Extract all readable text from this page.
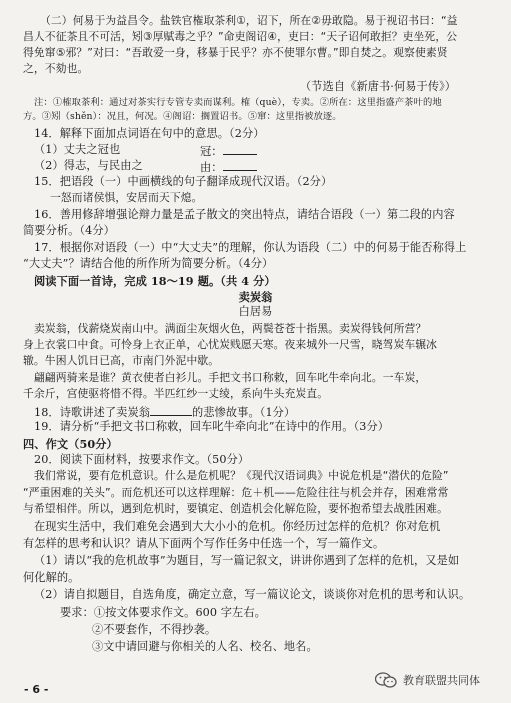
（二）何易于为益昌令。盐铁官権取茶利①，诏下，所在②毋敢隐。易于视诏书曰：“益
昌人不征茶且不可活，矧③厚赋毒之乎？”命吏阁诏④，吏曰：“天子诏何敢拒？吏坐死，公
得免窜⑤邪？”对曰：“吾敢爱一身，移暴于民乎？亦不使罪尔曹。”即自焚之。观察使素贤
之，不劾也。
（节选自《新唐书·何易于传》）
注：①榷取茶利：通过对茶实行专管专卖而谋利。榷（què），专卖。②所在：这里指盛产茶叶的地
方。③矧（shěn）：况且，何况。④阁诏：搁置诏书。⑤窜：这里指被放逐。
14．解释下面加点词语在句中的意思。（2分）
（1）丈夫之冠也	冠：
（2）得志，与民由之	由：
15．把语段（一）中画横线的句子翻译成现代汉语。（2分）
一怒而诸侯惧，安居而天下熄。
16．善用修辞增强论辩力量是孟子散文的突出特点，请结合语段（一）第二段的内容
简要分析。（4分）
17．根据你对语段（一）中“大丈夫”的理解，你认为语段（二）中的何易于能否称得上
“大丈夫”？请结合他的所作所为简要分析。（4分）
阅读下面一首诗，完成 18～19 题。（共 4 分）
卖炭翁
白居易
卖炭翁，伐薪烧炭南山中。满面尘灰烟火色，两鬓苍苍十指黑。卖炭得钱何所营？
身上衣裳口中食。可怜身上衣正单，心忧炭贱愿天寒。夜来城外一尺雪，晓驾炭车辗冰
辙。牛困人饥日已高，市南门外泥中歇。
翩翩两骑来是谁？黄衣使者白衫儿。手把文书口称敕，回车叱牛牵向北。一车炭，
千余斤，宫使驱将惜不得。半匹红纱一丈绫，系向牛头充炭直。
18．诗歌讲述了卖炭翁	的悲惨故事。（1分）
19．请分析“手把文书口称敕，回车叱牛牵向北”在诗中的作用。（3分）
四、作文（50分）
20．阅读下面材料，按要求作文。（50分）
我们常说，要有危机意识。什么是危机呢？《现代汉语词典》中说危机是“潜伏的危险”
“严重困难的关头”。而危机还可以这样理解：危＋机——危险往往与机会并存，困难常常
与希望相伴。所以，遇到危机时，要镇定、创造机会化解危险，要怀抱希望去战胜困难。
在现实生活中，我们难免会遇到大大小小的危机。你经历过怎样的危机？你对危机
有怎样的思考和认识？请从下面两个写作任务中任选一个，写一篇作文。
（1）请以“我的危机故事”为题目，写一篇记叙文，讲讲你遇到了怎样的危机，又是如
何化解的。
（2）请自拟题目，自选角度，确定立意，写一篇议论文，谈谈你对危机的思考和认识。
要求：①按文体要求作文。600 字左右。
②不要套作，不得抄袭。
③文中请回避与你相关的人名、校名、地名。
教育联盟共同体
- 6 -
